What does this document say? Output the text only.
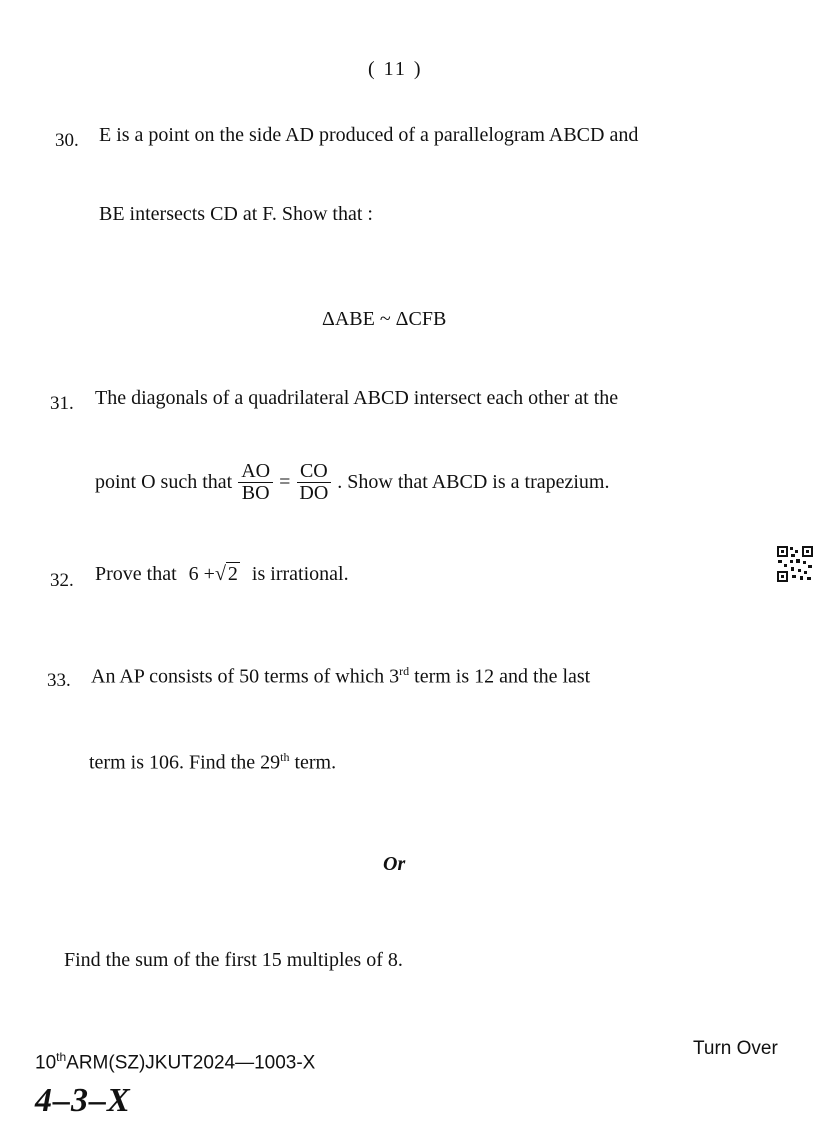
( 11 )
30. E is a point on the side AD produced of a parallelogram ABCD and
BE intersects CD at F. Show that :
ΔABE ~ ΔCFB
31. The diagonals of a quadrilateral ABCD intersect each other at the
point O such that $\frac{AO}{BO} = \frac{CO}{DO}$ . Show that ABCD is a trapezium.
32. Prove that 6 +√ 2 is irrational.
33. An AP consists of 50 terms of which 3rd term is 12 and the last
term is 106. Find the 29th term.
Or
Find the sum of the first 15 multiples of 8.
10thARM(SZ)JKUT2024—1003-X
Turn Over
4–3–X
